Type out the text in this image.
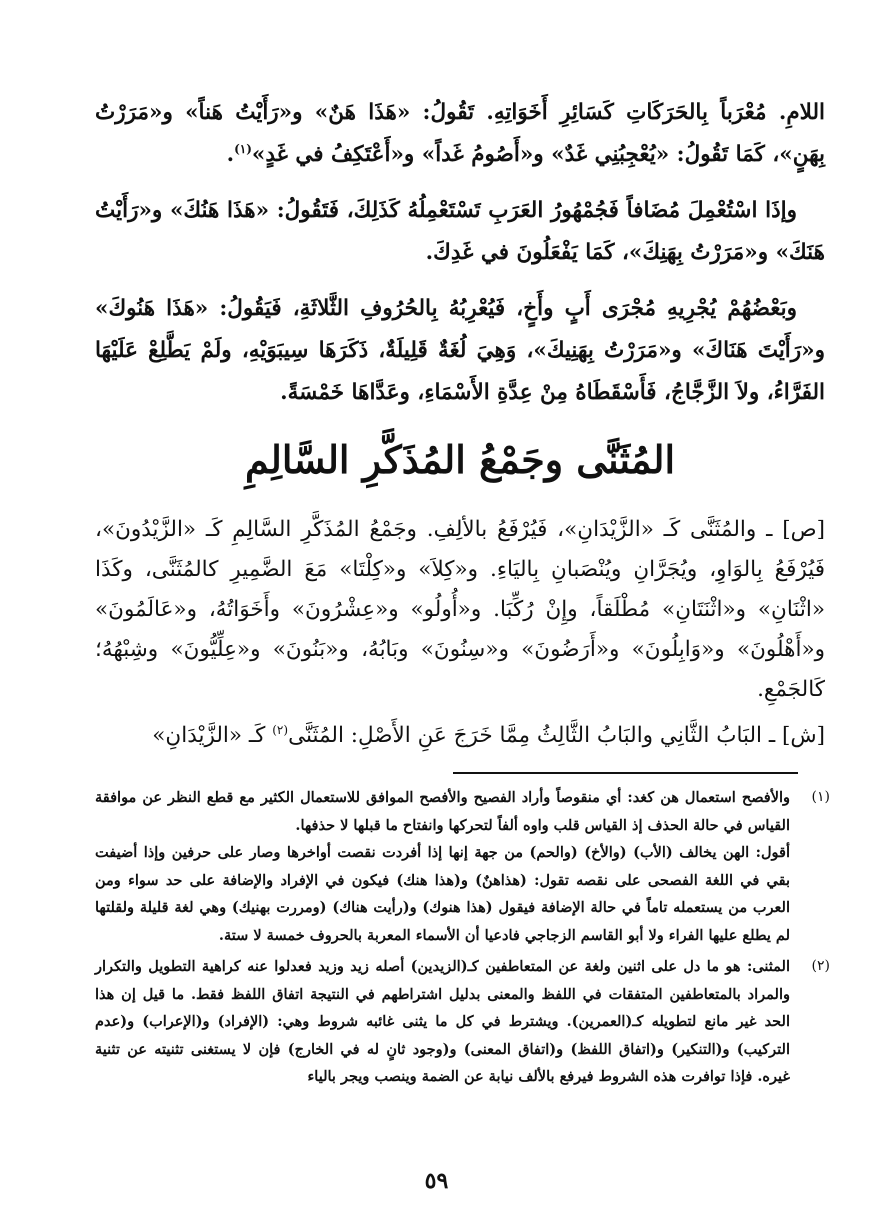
اللامِ. مُعْرَباً بِالحَرَكَاتِ كَسَائِرِ أَخَوَاتِهِ. تَقُولُ: «هَذَا هَنٌ» و«رَأَيْتُ هَناً» و«مَرَرْتُ بِهَنٍ»، كَمَا تَقُولُ: «يُعْجِبُنِي غَدٌ» و«أَصُومُ غَداً» و«أَعْتَكِفُ في غَدٍ»$^{(١)}$.

وإذَا اسْتُعْمِلَ مُضَافاً فَجُمْهُورُ العَرَبِ تَسْتَعْمِلُهُ كَذَلِكَ، فَتَقُولُ: «هَذَا هَنُكَ» و«رَأَيْتُ هَنَكَ» و«مَرَرْتُ بِهَنِكَ»، كَمَا يَفْعَلُونَ في غَدِكَ.

وبَعْضُهُمْ يُجْرِيهِ مُجْرَى أَبٍ وأَخٍ، فَيُعْرِبُهُ بِالحُرُوفِ الثَّلاثَةِ، فَيَقُولُ: «هَذَا هَنُوكَ» و«رَأَيْتَ هَنَاكَ» و«مَرَرْتُ بِهَنِيكَ»، وَهِيَ لُغَةٌ قَلِيلَةٌ، ذَكَرَهَا سِيبَوَيْهِ، ولَمْ يَطَّلِعْ عَلَيْهَا الفَرَّاءُ، ولاَ الزَّجَّاجُ، فَأَسْقَطَاهُ مِنْ عِدَّةِ الأَسْمَاءِ، وعَدَّاهَا خَمْسَةً.

المُثَنَّى وجَمْعُ المُذَكَّرِ السَّالِمِ

[ص] ـ والمُثَنَّى كَـ «الزَّيْدَانِ»، فَيُرْفَعُ بالألِفِ. وجَمْعُ المُذَكَّرِ السَّالِمِ كَـ «الزَّيْدُونَ»، فَيُرْفَعُ بِالوَاوِ، ويُجَرَّانِ ويُنْصَبانِ بِاليَاءِ. و«كِلاَ» و«كِلْتَا» مَعَ الضَّمِيرِ كالمُثَنَّى، وكَذَا «اثْنَانِ» و«اثْنَتَانِ» مُطْلَقاً، وإِنْ رُكِّبَا. و«أُولُو» و«عِشْرُونَ» وأَخَوَاتُهُ، و«عَالَمُونَ» و«أَهْلُونَ» و«وَابِلُونَ» و«أَرَضُونَ» و«سِنُونَ» وبَابُهُ، و«بَنُونَ» و«عِلِّيُّونَ» وشِبْهُهُ؛ كَالجَمْعِ.

[ش] ـ البَابُ الثَّانِي والبَابُ الثَّالِثُ مِمَّا خَرَجَ عَنِ الأَصْلِ: المُثَنَّى$^{(٢)}$ كَـ «الزَّيْدَانِ»

(١)

والأفصح استعمال هن كغد: أي منقوصاً وأراد الفصيح والأفصح الموافق للاستعمال الكثير مع قطع النظر عن موافقة القياس في حالة الحذف إذ القياس قلب واوه ألفاً لتحركها وانفتاح ما قبلها لا حذفها.

أقول: الهن يخالف (الأب) (والأخ) (والحم) من جهة إنها إذا أفردت نقصت أواخرها وصار على حرفين وإذا أضيفت بقي في اللغة الفصحى على نقصه تقول: (هذاهنٌ) و(هذا هنك) فيكون في الإفراد والإضافة على حد سواء ومن العرب من يستعمله تاماً في حالة الإضافة فيقول (هذا هنوك) و(رأيت هناك) (ومررت بهنيك) وهي لغة قليلة ولقلتها لم يطلع عليها الفراء ولا أبو القاسم الزجاجي فادعيا أن الأسماء المعربة بالحروف خمسة لا ستة.

(٢)

المثنى: هو ما دل على اثنين ولغة عن المتعاطفين كـ(الزيدين) أصله زيد وزيد فعدلوا عنه كراهية التطويل والتكرار والمراد بالمتعاطفين المتفقات في اللفظ والمعنى بدليل اشتراطهم في النتيجة اتفاق اللفظ فقط. ما قيل إن هذا الحد غير مانع لتطويله كـ(العمرين). ويشترط في كل ما يثنى غائبه شروط وهي: (الإفراد) و(الإعراب) و(عدم التركيب) و(التنكير) و(اتفاق اللفظ) و(اتفاق المعنى) و(وجود ثانٍ له في الخارج) فإن لا يستغنى تثنيته عن تثنية غيره. فإذا توافرت هذه الشروط فيرفع بالألف نيابة عن الضمة وينصب ويجر بالياء

٥٩
